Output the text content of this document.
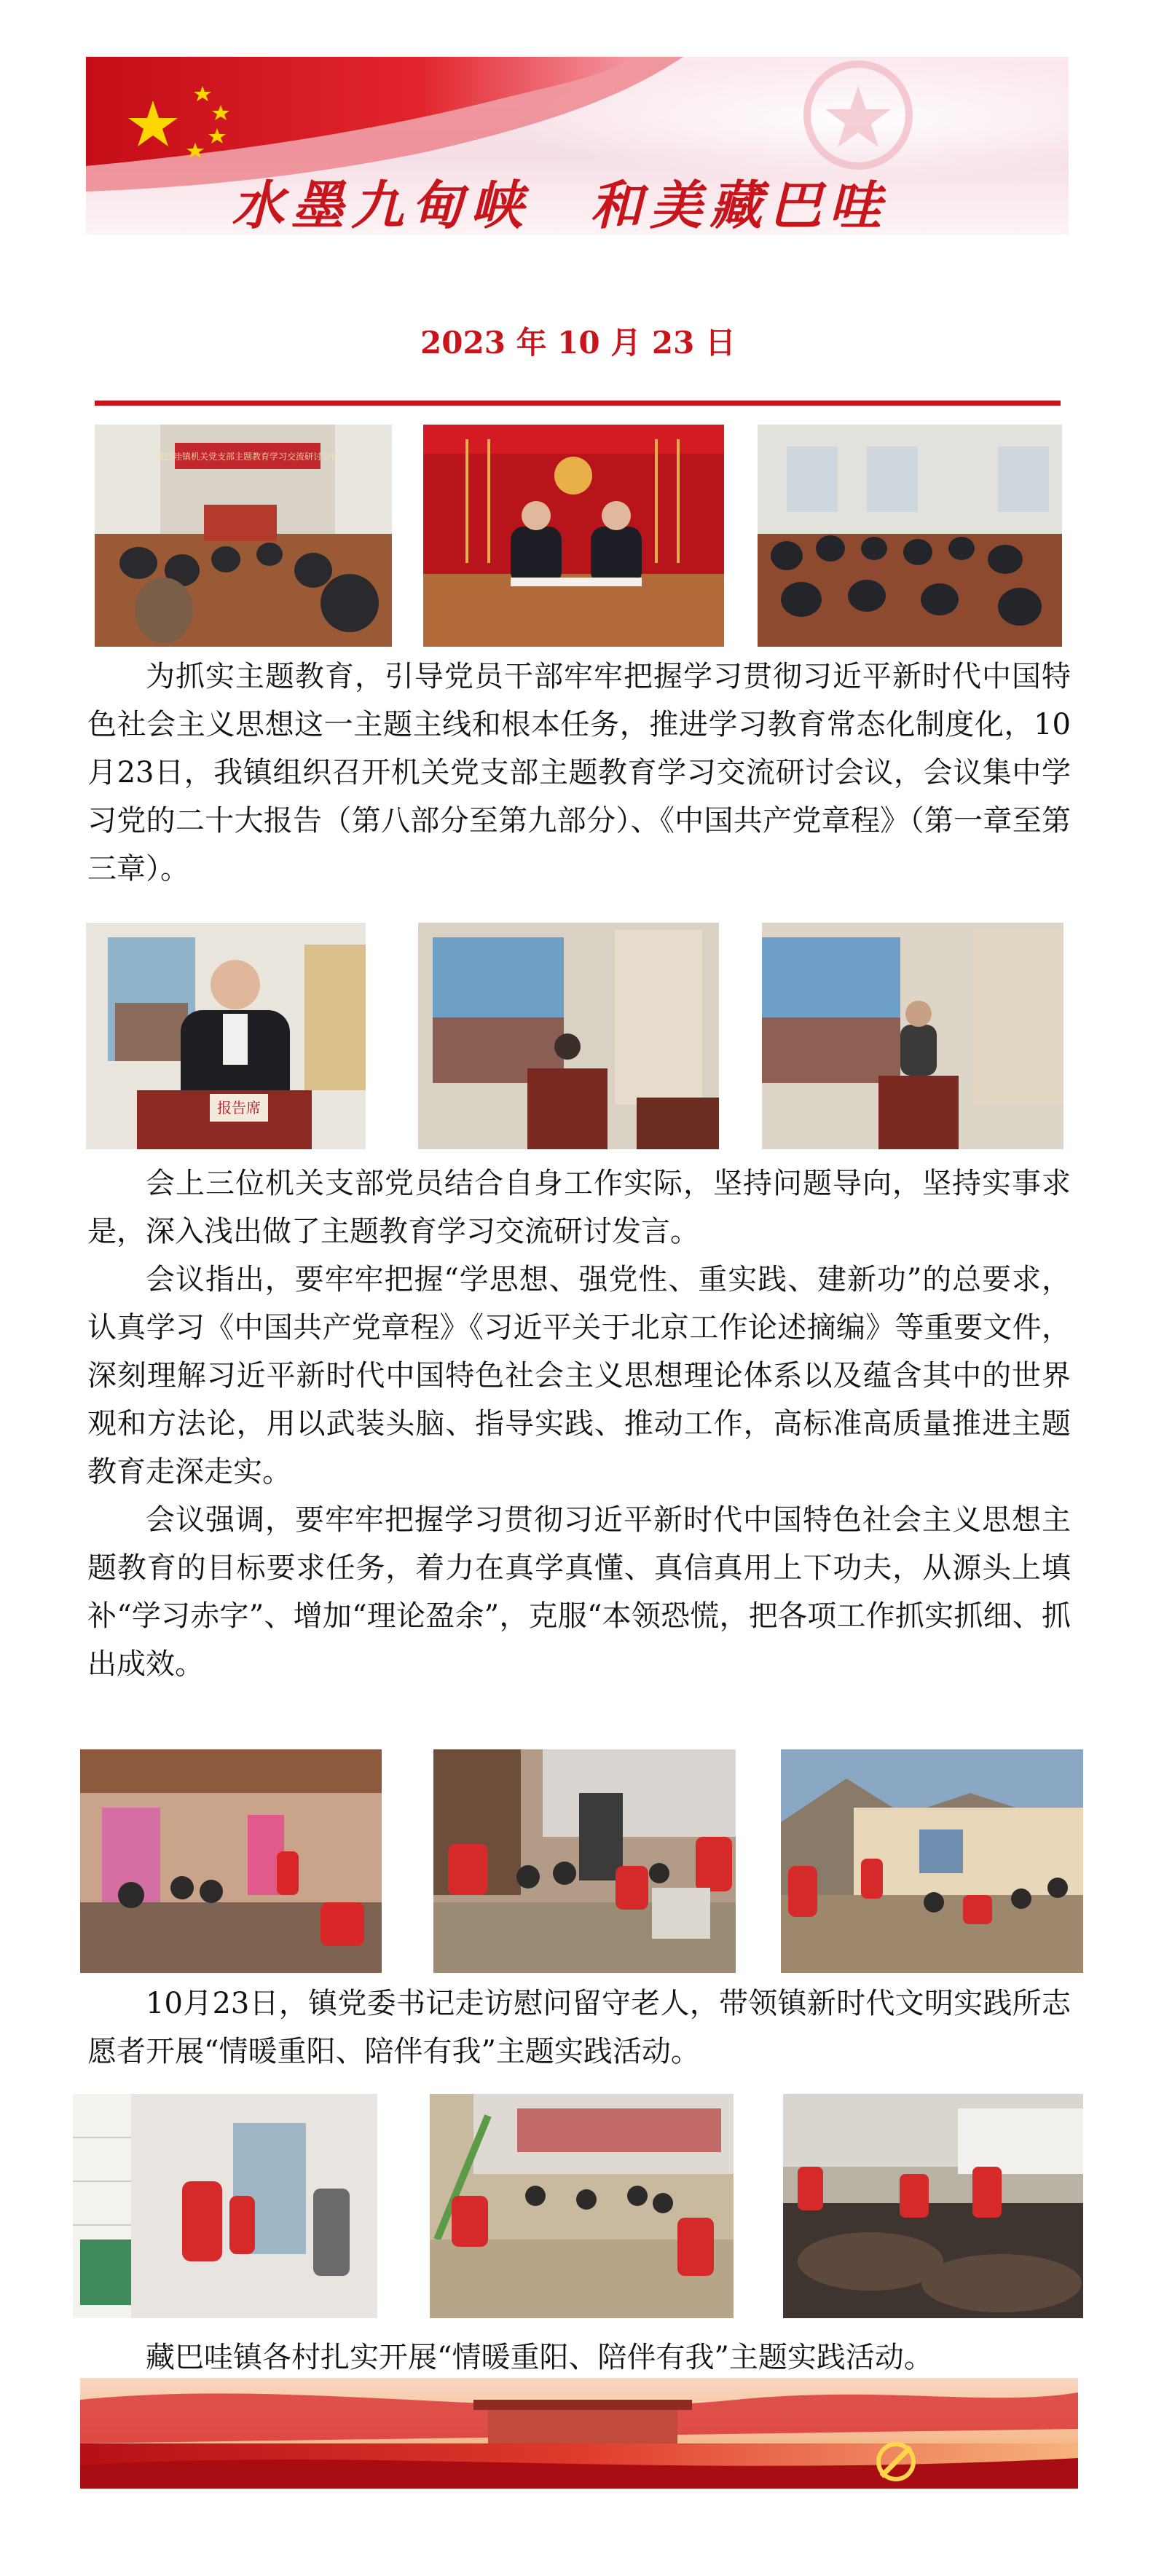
水墨九甸峡　和美藏巴哇
2023 年 10 月 23 日
藏巴哇镇机关党支部主题教育学习交流研讨会议
为抓实主题教育，引导党员干部牢牢把握学习贯彻习近平新时代中国特色社会主义思想这一主题主线和根本任务，推进学习教育常态化制度化，10月23日，我镇组织召开机关党支部主题教育学习交流研讨会议，会议集中学习党的二十大报告（第八部分至第九部分）、《中国共产党章程》（第一章至第三章）。
报告席
会上三位机关支部党员结合自身工作实际，坚持问题导向，坚持实事求是，深入浅出做了主题教育学习交流研讨发言。
会议指出，要牢牢把握“学思想、强党性、重实践、建新功”的总要求，认真学习《中国共产党章程》《习近平关于北京工作论述摘编》等重要文件，深刻理解习近平新时代中国特色社会主义思想理论体系以及蕴含其中的世界观和方法论，用以武装头脑、指导实践、推动工作，高标准高质量推进主题教育走深走实。
会议强调，要牢牢把握学习贯彻习近平新时代中国特色社会主义思想主题教育的目标要求任务，着力在真学真懂、真信真用上下功夫，从源头上填补“学习赤字”、增加“理论盈余”，克服“本领恐慌，把各项工作抓实抓细、抓出成效。
10月23日，镇党委书记走访慰问留守老人，带领镇新时代文明实践所志愿者开展“情暖重阳、陪伴有我”主题实践活动。
藏巴哇镇各村扎实开展“情暖重阳、陪伴有我”主题实践活动。
